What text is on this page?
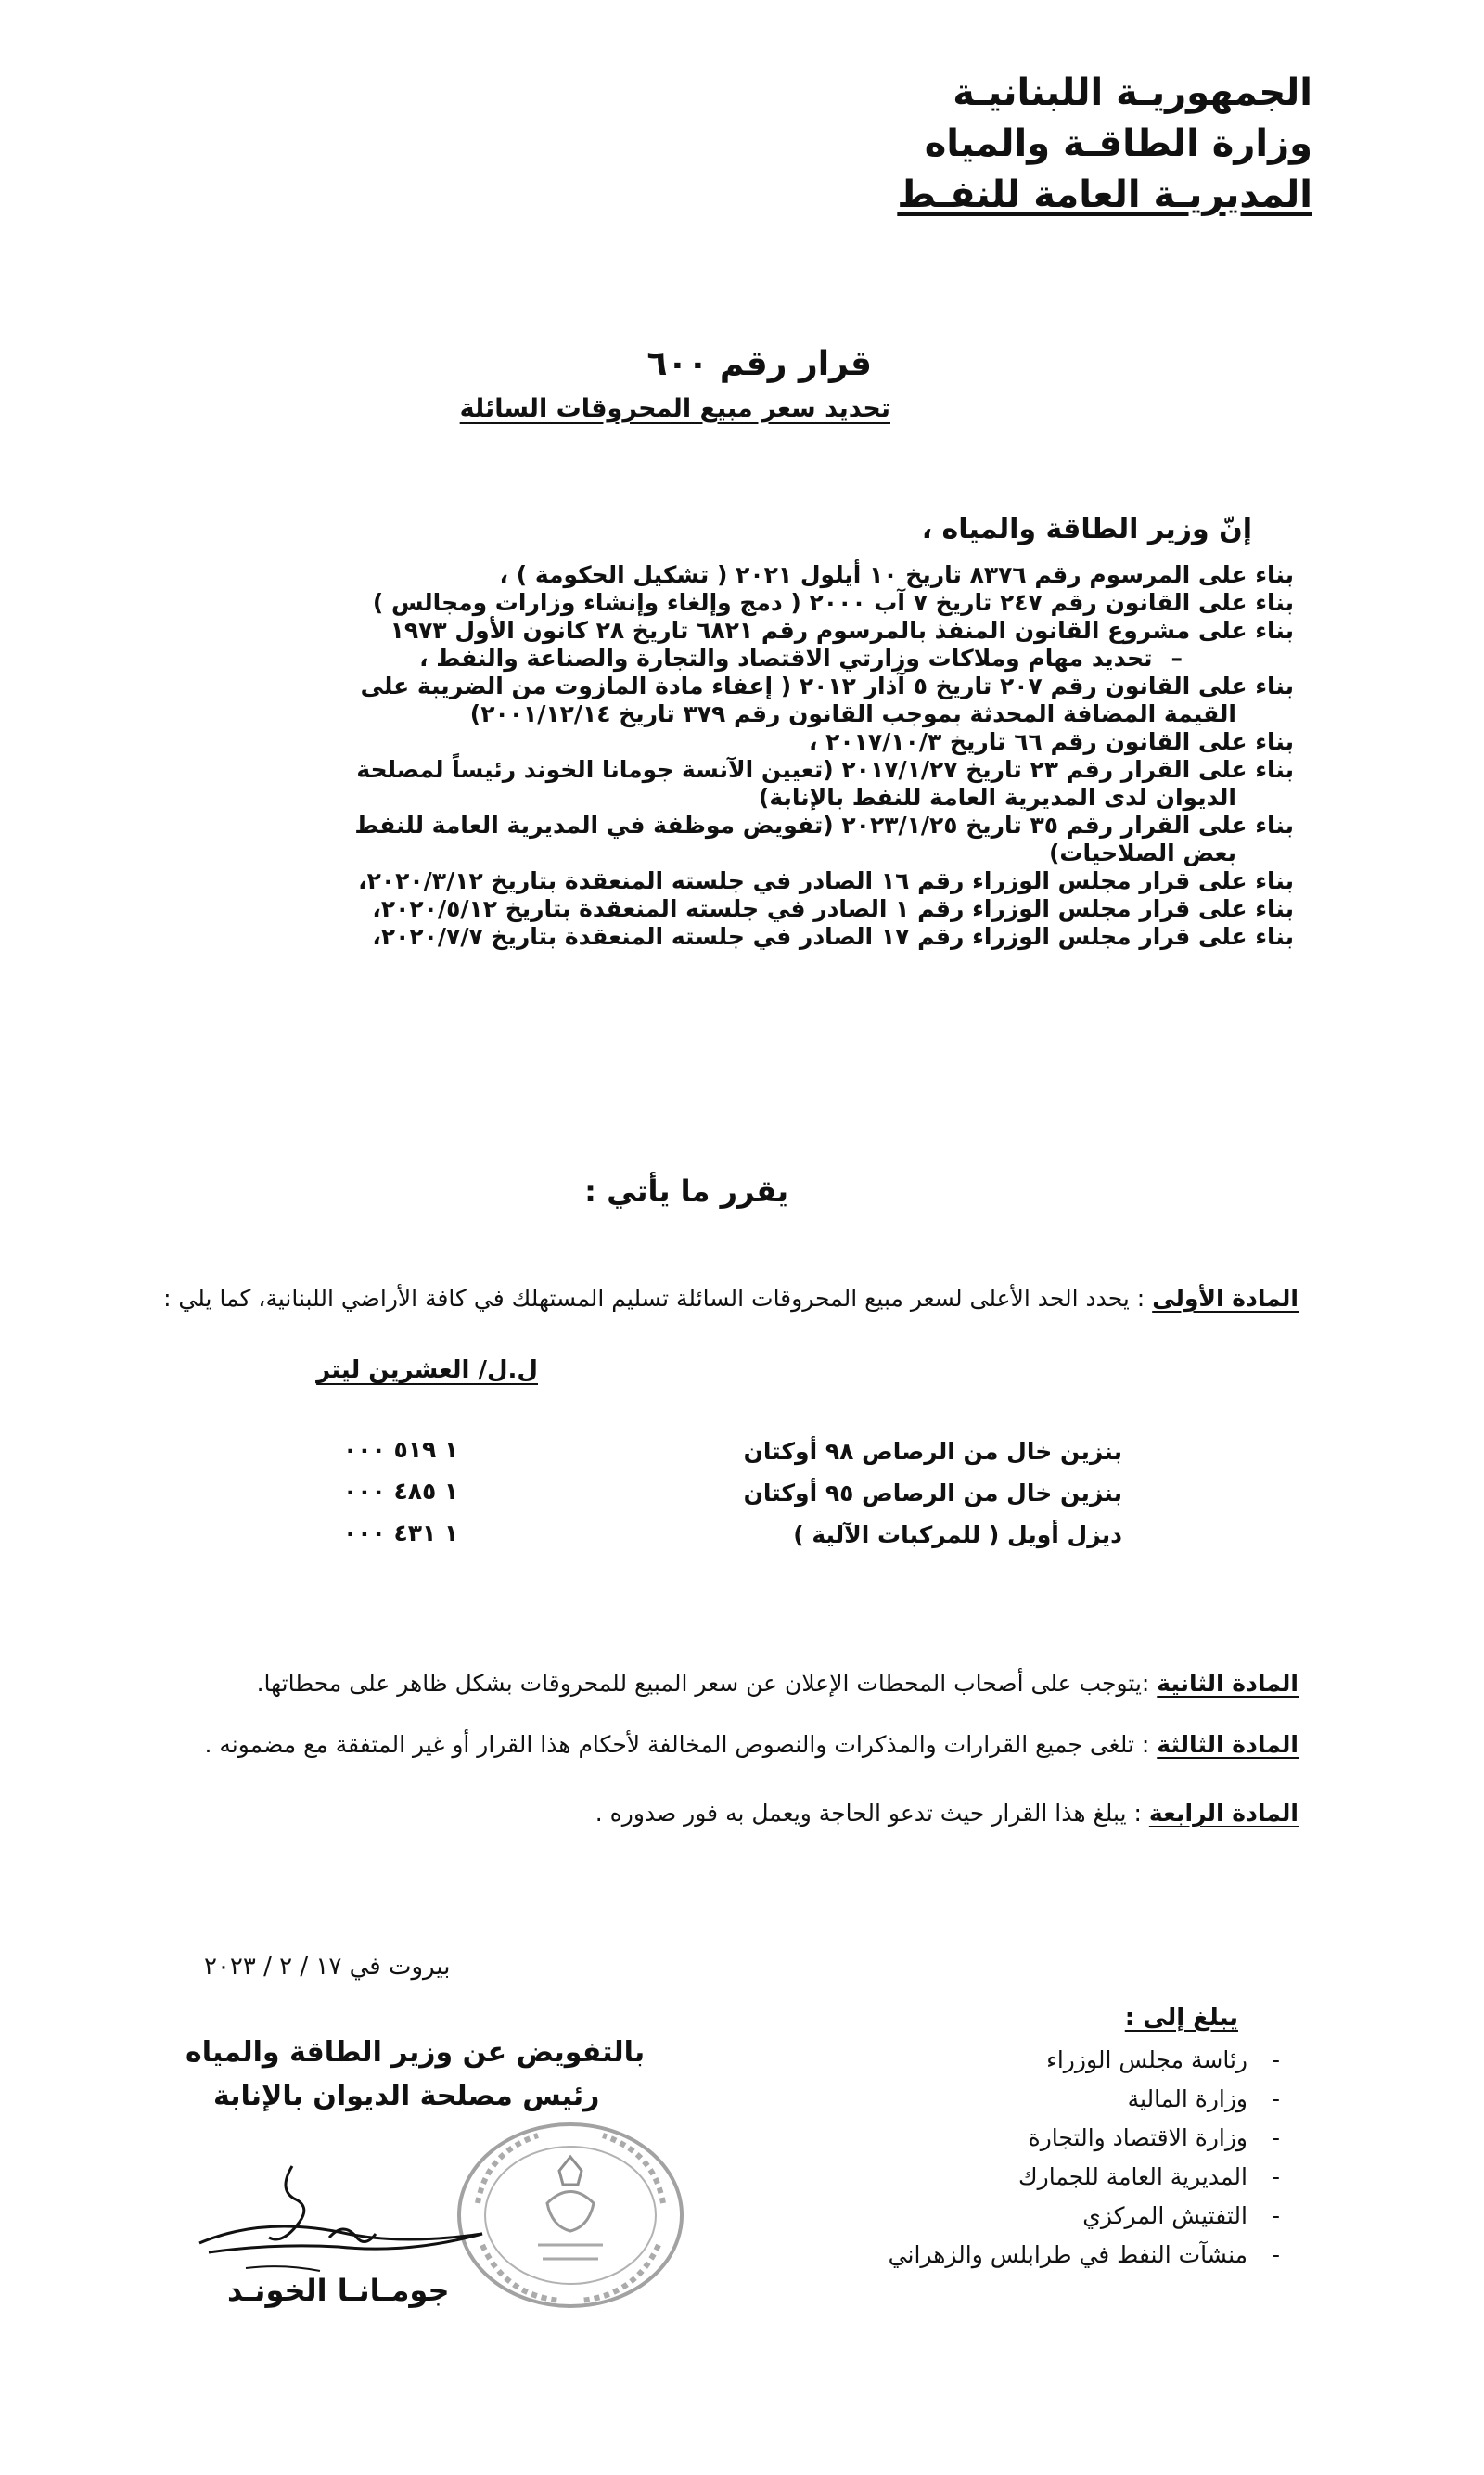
الجمهوريـة اللبنانيـة
وزارة الطاقـة والمياه
المديريـة العامة للنفـط
قرار رقم ٦٠٠
تحديد سعر مبيع المحروقات السائلة
إنّ وزير الطاقة والمياه ،
بناء على المرسوم رقم ٨٣٧٦ تاريخ ١٠ أيلول ٢٠٢١ ( تشكيل الحكومة ) ،
بناء على القانون رقم ٢٤٧ تاريخ ٧ آب ٢٠٠٠ ( دمج وإلغاء وإنشاء وزارات ومجالس )
بناء على مشروع القانون المنفذ بالمرسوم رقم ٦٨٢١ تاريخ ٢٨ كانون الأول ١٩٧٣
– تحديد مهام وملاكات وزارتي الاقتصاد والتجارة والصناعة والنفط ،
بناء على القانون رقم ٢٠٧ تاريخ ٥ آذار ٢٠١٢ ( إعفاء مادة المازوت من الضريبة على
القيمة المضافة المحدثة بموجب القانون رقم ٣٧٩ تاريخ ٢٠٠١/١٢/١٤)
بناء على القانون رقم ٦٦ تاريخ ٢٠١٧/١٠/٣ ،
بناء على القرار رقم ٢٣ تاريخ ٢٠١٧/١/٢٧ (تعيين الآنسة جومانا الخوند رئيساً لمصلحة
الديوان لدى المديرية العامة للنفط بالإنابة)
بناء على القرار رقم ٣٥ تاريخ ٢٠٢٣/١/٢٥ (تفويض موظفة في المديرية العامة للنفط
بعض الصلاحيات)
بناء على قرار مجلس الوزراء رقم ١٦ الصادر في جلسته المنعقدة بتاريخ ٢٠٢٠/٣/١٢،
بناء على قرار مجلس الوزراء رقم ١ الصادر في جلسته المنعقدة بتاريخ ٢٠٢٠/٥/١٢،
بناء على قرار مجلس الوزراء رقم ١٧ الصادر في جلسته المنعقدة بتاريخ ٢٠٢٠/٧/٧،
يقرر ما يأتي :
المادة الأولى : يحدد الحد الأعلى لسعر مبيع المحروقات السائلة تسليم المستهلك في كافة الأراضي اللبنانية، كما يلي :
ل.ل/ العشرين ليتر
بنزين خال من الرصاص ٩٨ أوكتان
١ ٥١٩ ٠٠٠
بنزين خال من الرصاص ٩٥ أوكتان
١ ٤٨٥ ٠٠٠
ديزل أويل ( للمركبات الآلية )
١ ٤٣١ ٠٠٠
المادة الثانية :يتوجب على أصحاب المحطات الإعلان عن سعر المبيع للمحروقات بشكل ظاهر على محطاتها.
المادة الثالثة : تلغى جميع القرارات والمذكرات والنصوص المخالفة لأحكام هذا القرار أو غير المتفقة مع مضمونه .
المادة الرابعة : يبلغ هذا القرار حيث تدعو الحاجة ويعمل به فور صدوره .
بيروت في ١٧ / ٢ / ٢٠٢٣
يبلغ إلى :
رئاسة مجلس الوزراء -
وزارة المالية -
وزارة الاقتصاد والتجارة -
المديرية العامة للجمارك -
التفتيش المركزي -
منشآت النفط في طرابلس والزهراني -
بالتفويض عن وزير الطاقة والمياه
رئيس مصلحة الديوان بالإنابة
جومـانـا الخونـد
